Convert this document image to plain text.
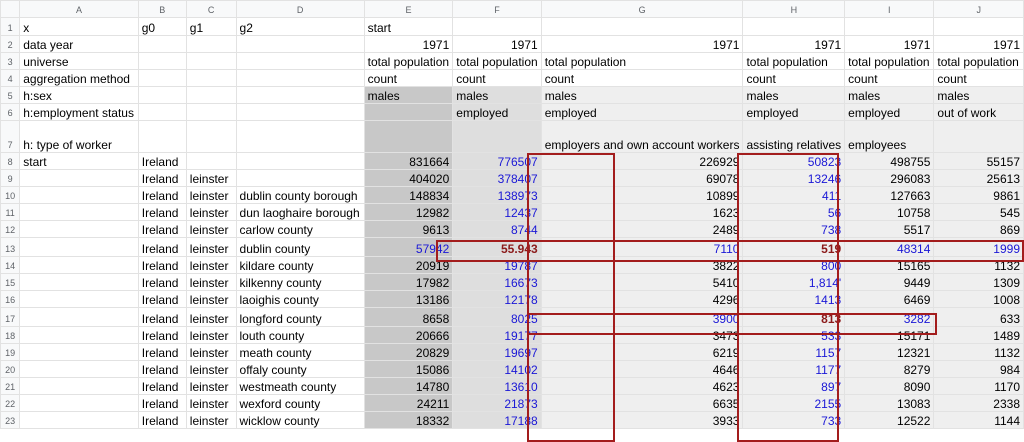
	A	B	C	D	E	F	G	H	I	J
1	x	g0	g1	g2	start					
2	data year				1971	1971	1971	1971	1971	1971
3	universe				total population	total population	total population	total population	total population	total population
4	aggregation method				count	count	count	count	count	count
5	h:sex				males	males	males	males	males	males
6	h:employment status					employed	employed	employed	employed	out of work
7	h: type of worker						employers and own account workers	assisting relatives	employees	
8	start	Ireland			831664	776507	226929	50823	498755	55157
9		Ireland	leinster		404020	378407	69078	13246	296083	25613
10		Ireland	leinster	dublin county borough	148834	138973	10899	411	127663	9861
11		Ireland	leinster	dun laoghaire borough	12982	12437	1623	56	10758	545
12		Ireland	leinster	carlow county	9613	8744	2489	738	5517	869
13		Ireland	leinster	dublin county	57942	55.943	7110	519	48314	1999
14		Ireland	leinster	kildare county	20919	19787	3822	800	15165	1132
15		Ireland	leinster	kilkenny county	17982	16673	5410	1,814'	9449	1309
16		Ireland	leinster	laoighis county	13186	12178	4296	1413	6469	1008
17		Ireland	leinster	longford county	8658	8025	3900	813	3282	633
18		Ireland	leinster	louth county	20666	19177	3473	533	15171	1489
19		Ireland	leinster	meath county	20829	19697	6219	1157	12321	1132
20		Ireland	leinster	offaly county	15086	14102	4646	1177	8279	984
21		Ireland	leinster	westmeath county	14780	13610	4623	897	8090	1170
22		Ireland	leinster	wexford county	24211	21873	6635	2155	13083	2338
23		Ireland	leinster	wicklow county	18332	17188	3933	733	12522	1144
